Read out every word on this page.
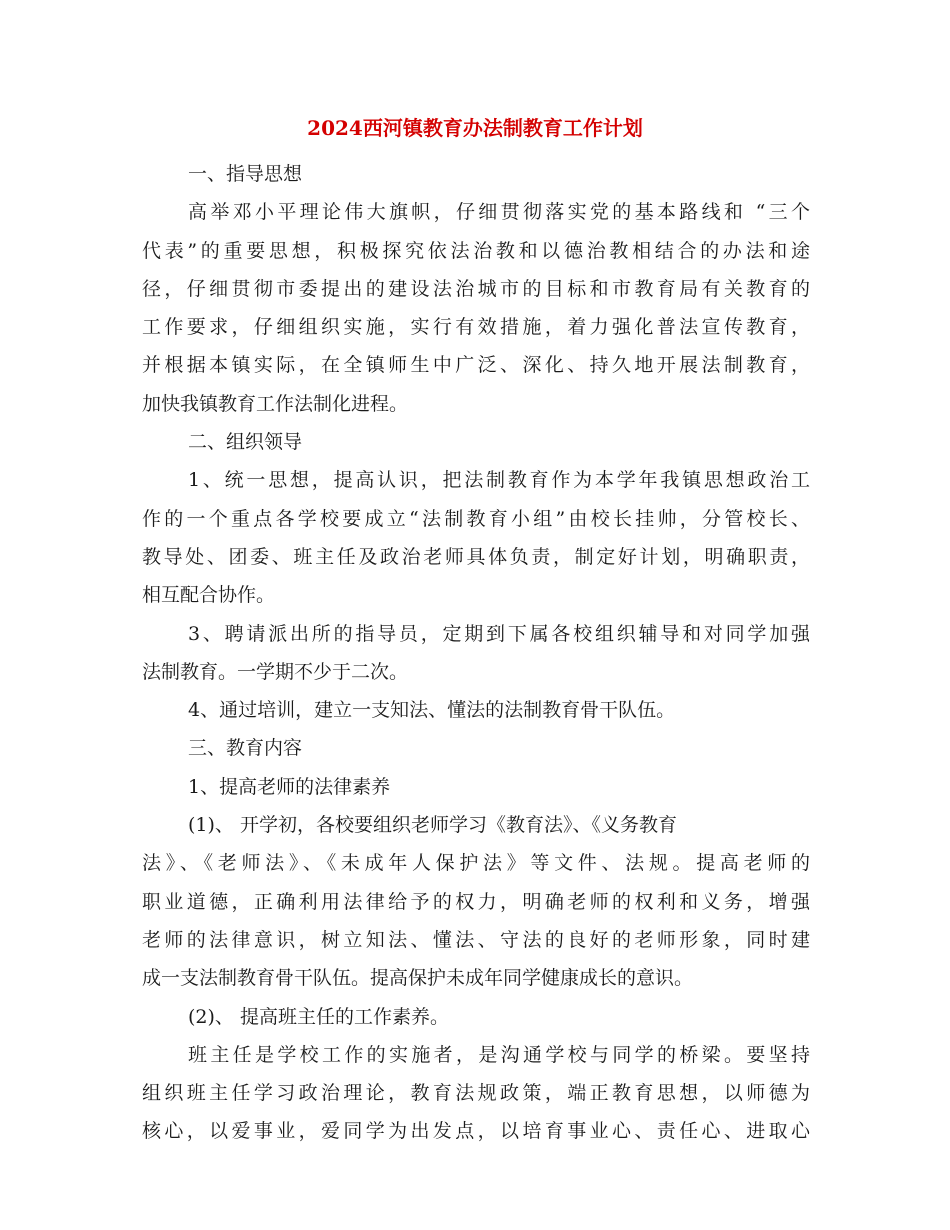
2024西河镇教育办法制教育工作计划
一、指导思想
高举邓小平理论伟大旗帜，仔细贯彻落实党的基本路线和 “三个
代表”的重要思想，积极探究依法治教和以德治教相结合的办法和途
径，仔细贯彻市委提出的建设法治城市的目标和市教育局有关教育的
工作要求，仔细组织实施，实行有效措施，着力强化普法宣传教育，
并根据本镇实际，在全镇师生中广泛、深化、持久地开展法制教育，
加快我镇教育工作法制化进程。
二、组织领导
1、统一思想，提高认识，把法制教育作为本学年我镇思想政治工
作的一个重点各学校要成立“法制教育小组”由校长挂帅，分管校长、
教导处、团委、班主任及政治老师具体负责，制定好计划，明确职责，
相互配合协作。
3、聘请派出所的指导员，定期到下属各校组织辅导和对同学加强
法制教育。一学期不少于二次。
4、通过培训，建立一支知法、懂法的法制教育骨干队伍。
三、教育内容
1、提高老师的法律素养
(1)、 开学初，各校要组织老师学习《教育法》、《义务教育
法》、《老师法》、《未成年人保护法》等文件、法规。提高老师的
职业道德，正确利用法律给予的权力，明确老师的权利和义务，增强
老师的法律意识，树立知法、懂法、守法的良好的老师形象，同时建
成一支法制教育骨干队伍。提高保护未成年同学健康成长的意识。
(2)、 提高班主任的工作素养。
班主任是学校工作的实施者，是沟通学校与同学的桥梁。要坚持
组织班主任学习政治理论，教育法规政策，端正教育思想，以师德为
核心，以爱事业，爱同学为出发点，以培育事业心、责任心、进取心
